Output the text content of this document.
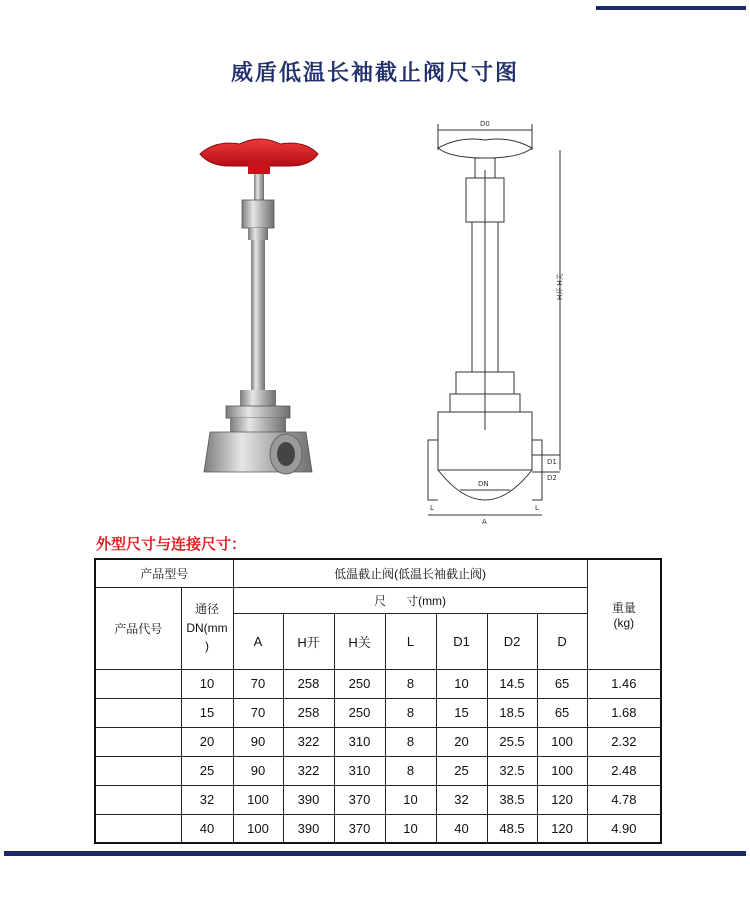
威盾低温长袖截止阀尺寸图
D0
H开 H关
D1
D2
DN
L	L
A
外型尺寸与连接尺寸：
产品型号		低温截止阀(低温长袖截止阀)							重量
(kg)
产品代号	通径
DN(mm
)	尺      寸(mm)							
		A	H开	H关	L	D1	D2	D	
	10	70	258	250	8	10	14.5	65	1.46
	15	70	258	250	8	15	18.5	65	1.68
	20	90	322	310	8	20	25.5	100	2.32
	25	90	322	310	8	25	32.5	100	2.48
	32	100	390	370	10	32	38.5	120	4.78
	40	100	390	370	10	40	48.5	120	4.90
